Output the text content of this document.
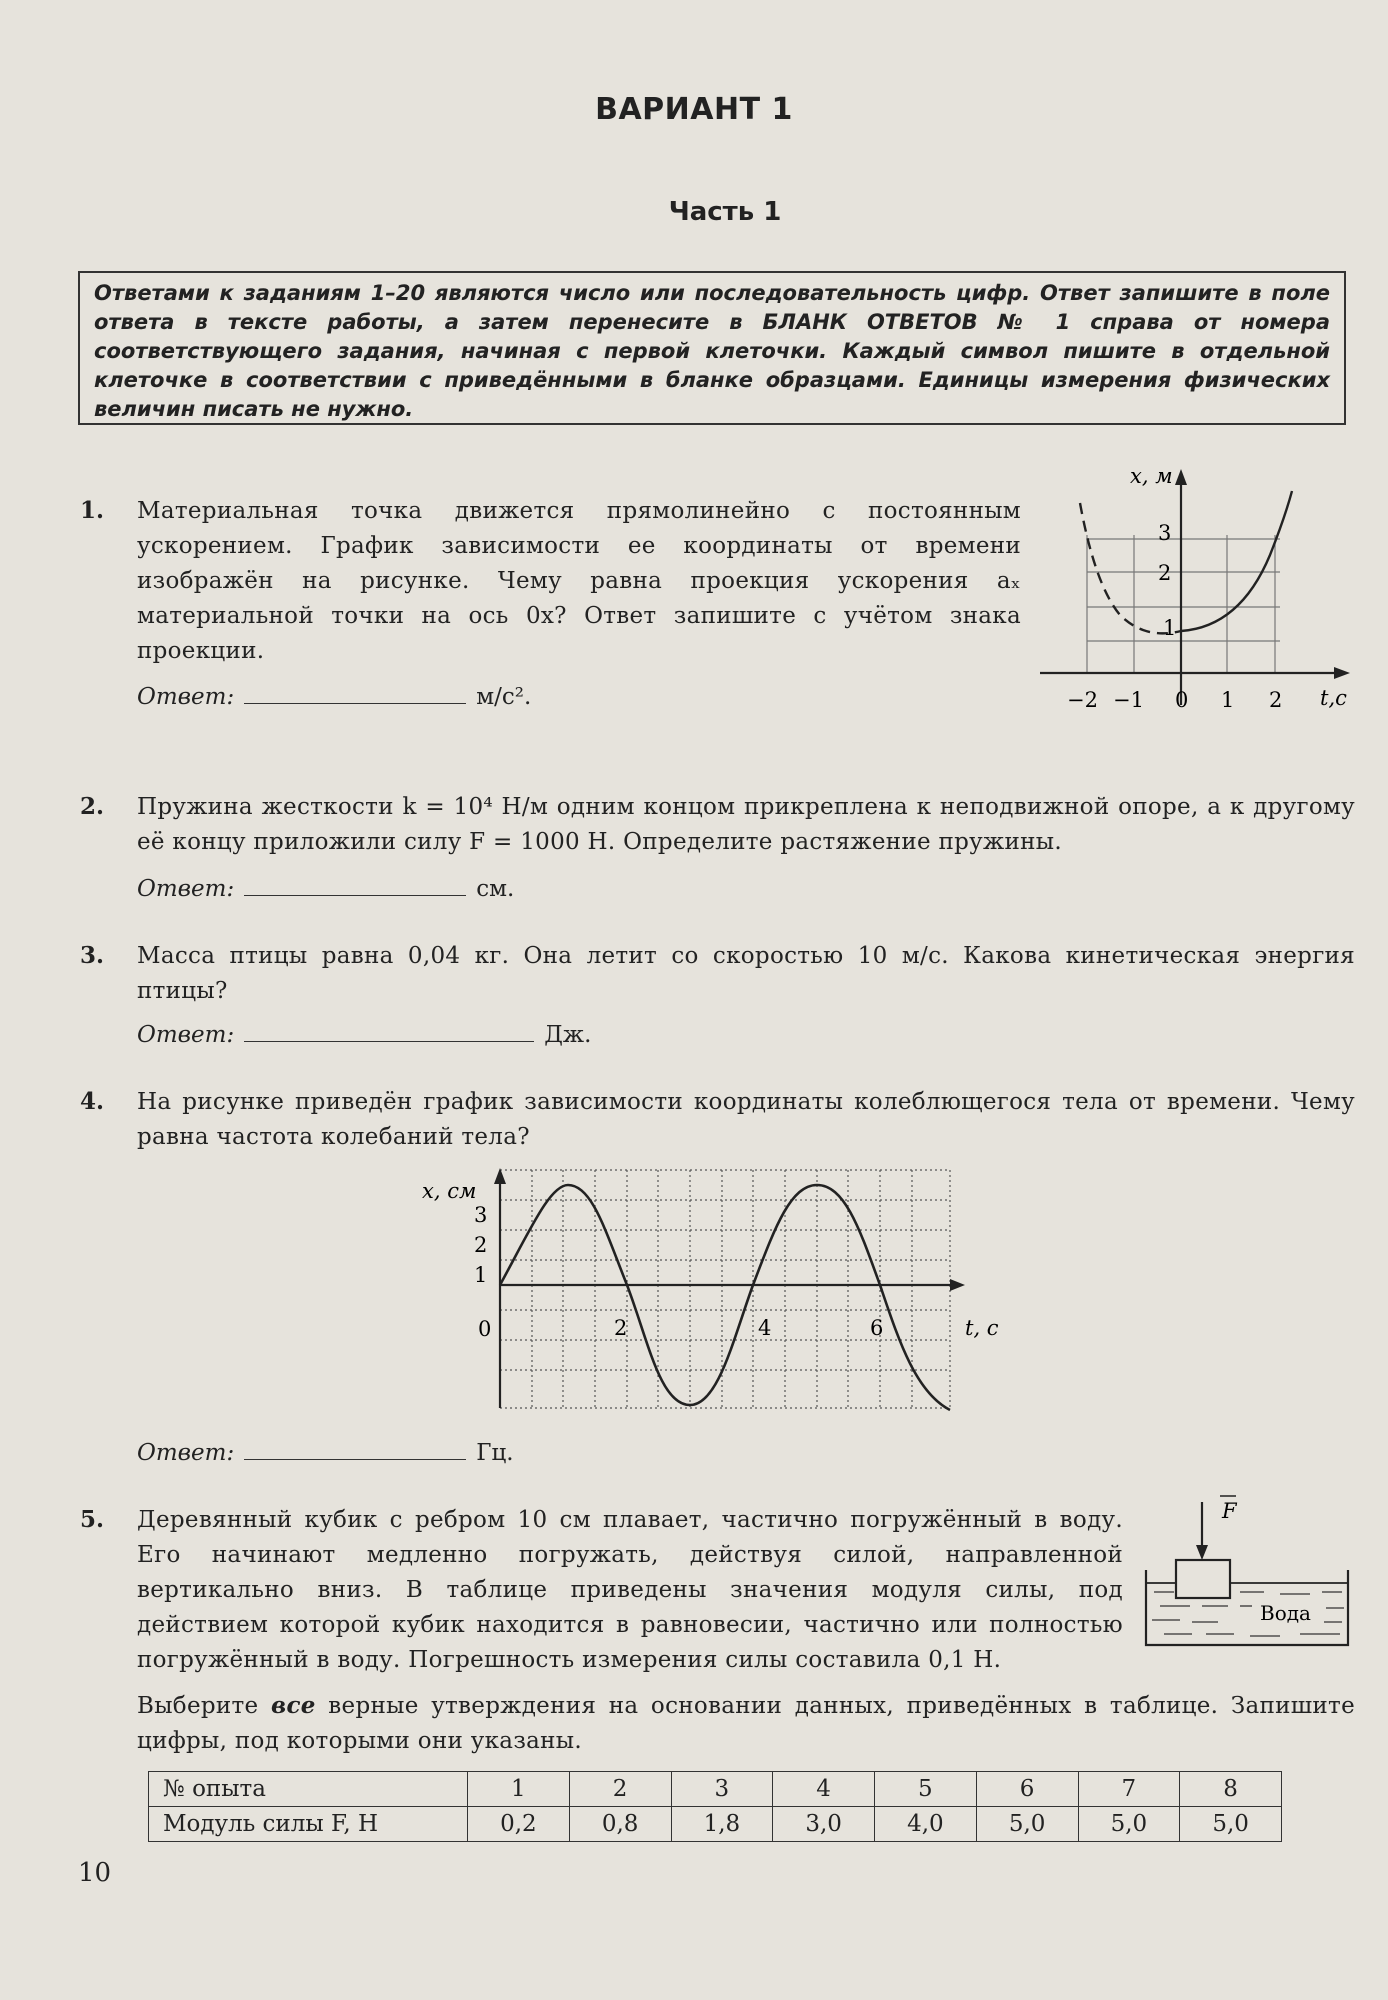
ВАРИАНТ 1
Часть 1
Ответами к заданиям 1–20 являются число или последовательность цифр. Ответ запишите в поле ответа в тексте работы, а затем перенесите в БЛАНК ОТВЕТОВ № 1 справа от номера соответствующего задания, начиная с первой клеточки. Каждый символ пишите в отдельной клеточке в соответствии с приведёнными в бланке образцами. Единицы измерения физических величин писать не нужно.
1. Материальная точка движется прямолинейно с постоянным ускорением. График зависимости ее координаты от времени изображён на рисунке. Чему равна проекция ускорения aₓ материальной точки на ось 0x? Ответ запишите с учётом знака проекции.
Ответ:	м/с².
x, м
t,c
3
2
1
−2 −1 0 1 2
2. Пружина жесткости k = 10⁴ Н/м одним концом прикреплена к неподвижной опоре, а к другому её концу приложили силу F = 1000 Н. Определите растяжение пружины.
Ответ:	см.
3. Масса птицы равна 0,04 кг. Она летит со скоростью 10 м/с. Какова кинетическая энергия птицы?
Ответ:	Дж.
4. На рисунке приведён график зависимости координаты колеблющегося тела от времени. Чему равна частота колебаний тела?
x, см
3
2
1
0	2	4	6	t, c
Ответ:	Гц.
5. Деревянный кубик с ребром 10 см плавает, частично погружённый в воду. Его начинают медленно погружать, действуя силой, направленной вертикально вниз. В таблице приведены значения модуля силы, под действием которой кубик находится в равновесии, частично или полностью погружённый в воду. Погрешность измерения силы составила 0,1 Н.
Выберите все верные утверждения на основании данных, приведённых в таблице. Запишите цифры, под которыми они указаны.
F
Вода
№ опыта	1	2	3	4	5	6	7	8
Модуль силы F, Н	0,2	0,8	1,8	3,0	4,0	5,0	5,0	5,0
10
